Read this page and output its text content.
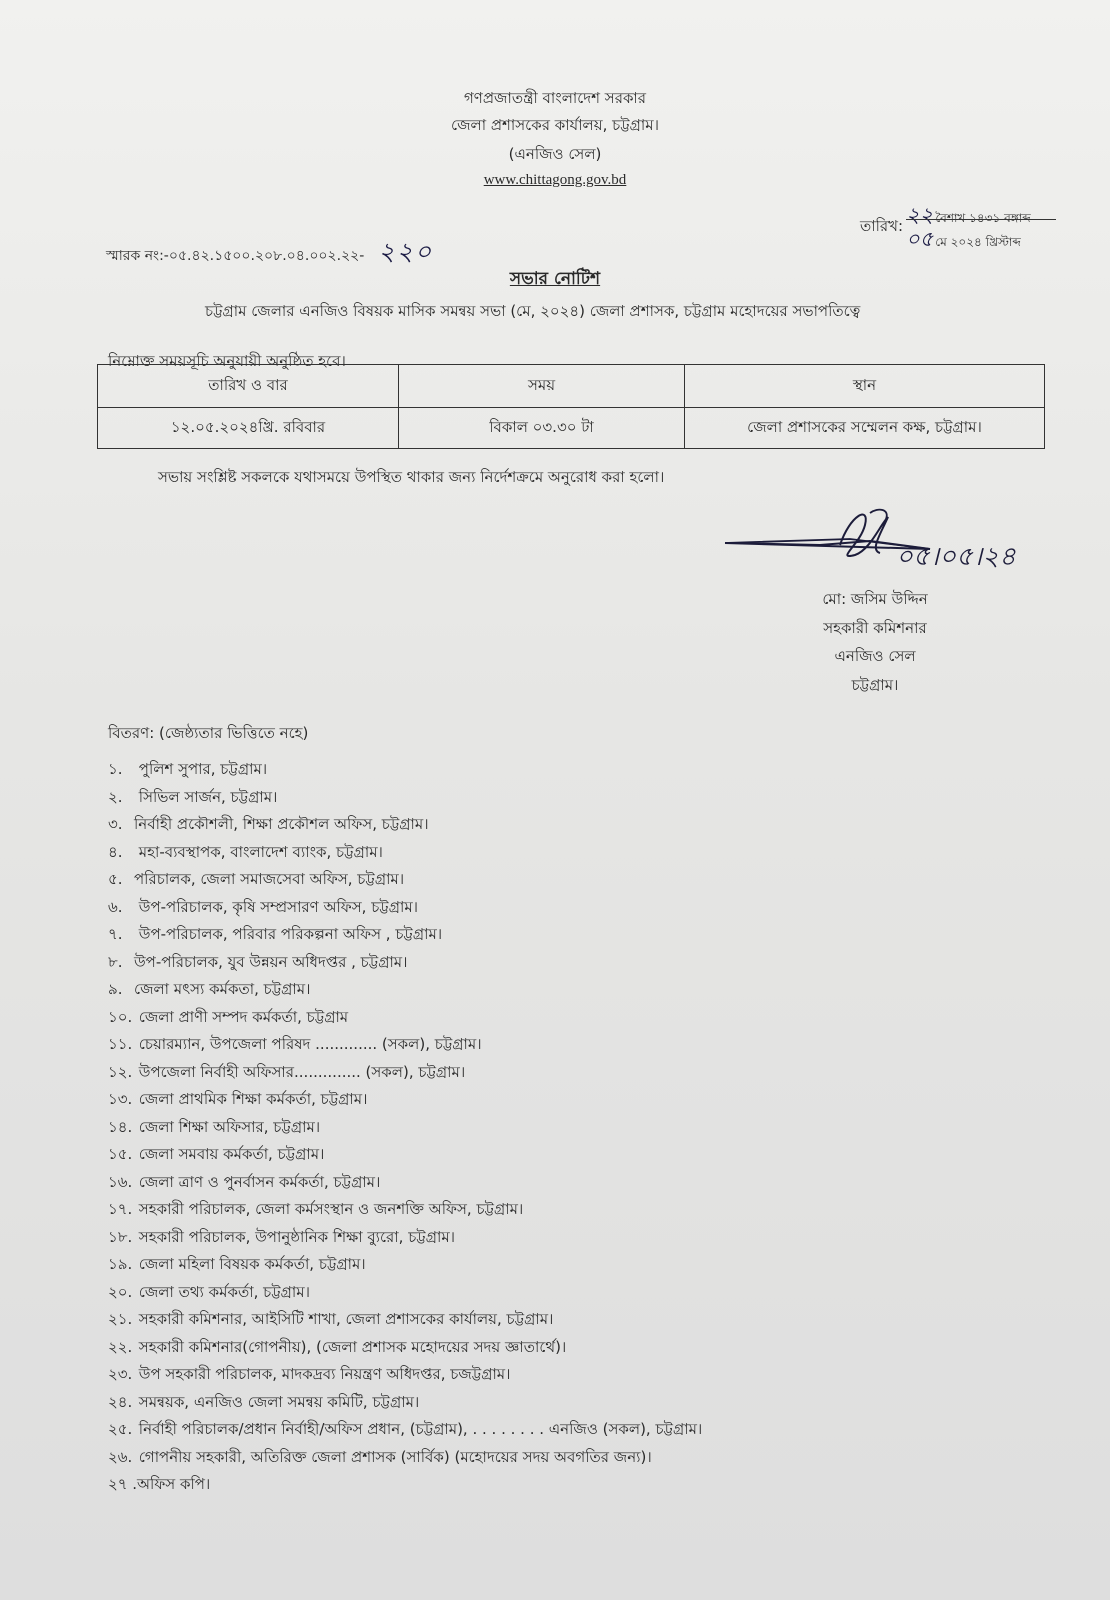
গণপ্রজাতন্ত্রী বাংলাদেশ সরকার
জেলা প্রশাসকের কার্যালয়, চট্টগ্রাম।
(এনজিও সেল)
www.chittagong.gov.bd
স্মারক নং:-০৫.৪২.১৫০০.২০৮.০৪.০০২.২২- ২২০
তারিখ: ২২ বৈশাখ ১৪৩১ বঙ্গাব্দ
০৫ মে ২০২৪ খ্রিস্টাব্দ
সভার নোটিশ
চট্টগ্রাম জেলার এনজিও বিষয়ক মাসিক সমন্বয় সভা (মে, ২০২৪) জেলা প্রশাসক, চট্টগ্রাম মহোদয়ের সভাপতিত্বে
নিম্নোক্ত সময়সূচি অনুযায়ী অনুষ্ঠিত হবে।
তারিখ ও বার	সময়	স্থান
১২.০৫.২০২৪খ্রি. রবিবার	বিকাল ০৩.৩০ টা	জেলা প্রশাসকের সম্মেলন কক্ষ, চট্টগ্রাম।
সভায় সংশ্লিষ্ট সকলকে যথাসময়ে উপস্থিত থাকার জন্য নির্দেশক্রমে অনুরোধ করা হলো।
০৫।০৫।২৪
মো: জসিম উদ্দিন
সহকারী কমিশনার
এনজিও সেল
চট্টগ্রাম।
বিতরণ: (জেষ্ঠ্যতার ভিত্তিতে নহে)
১. পুলিশ সুপার, চট্টগ্রাম।
২. সিভিল সার্জন, চট্টগ্রাম।
৩. নির্বাহী প্রকৌশলী, শিক্ষা প্রকৌশল অফিস, চট্টগ্রাম।
৪. মহা-ব্যবস্থাপক, বাংলাদেশ ব্যাংক, চট্টগ্রাম।
৫. পরিচালক, জেলা সমাজসেবা অফিস, চট্টগ্রাম।
৬. উপ-পরিচালক, কৃষি সম্প্রসারণ অফিস, চট্টগ্রাম।
৭. উপ-পরিচালক, পরিবার পরিকল্পনা অফিস , চট্টগ্রাম।
৮. উপ-পরিচালক, যুব উন্নয়ন অধিদপ্তর , চট্টগ্রাম।
৯. জেলা মৎস্য কর্মকতা, চট্টগ্রাম।
১০. জেলা প্রাণী সম্পদ কর্মকর্তা, চট্টগ্রাম
১১. চেয়ারম্যান, উপজেলা পরিষদ ............. (সকল), চট্টগ্রাম।
১২. উপজেলা নির্বাহী অফিসার.............. (সকল), চট্টগ্রাম।
১৩. জেলা প্রাথমিক শিক্ষা কর্মকর্তা, চট্টগ্রাম।
১৪. জেলা শিক্ষা অফিসার, চট্টগ্রাম।
১৫. জেলা সমবায় কর্মকর্তা, চট্টগ্রাম।
১৬. জেলা ত্রাণ ও পুনর্বাসন কর্মকর্তা, চট্টগ্রাম।
১৭. সহকারী পরিচালক, জেলা কর্মসংস্থান ও জনশক্তি অফিস, চট্টগ্রাম।
১৮. সহকারী পরিচালক, উপানুষ্ঠানিক শিক্ষা ব্যুরো, চট্টগ্রাম।
১৯. জেলা মহিলা বিষয়ক কর্মকর্তা, চট্টগ্রাম।
২০. জেলা তথ্য কর্মকর্তা, চট্টগ্রাম।
২১. সহকারী কমিশনার, আইসিটি শাখা, জেলা প্রশাসকের কার্যালয়, চট্টগ্রাম।
২২. সহকারী কমিশনার(গোপনীয়), (জেলা প্রশাসক মহোদয়ের সদয় জ্ঞাতার্থে)।
২৩. উপ সহকারী পরিচালক, মাদকদ্রব্য নিয়ন্ত্রণ অধিদপ্তর, চজট্টগ্রাম।
২৪. সমন্বয়ক, এনজিও জেলা সমন্বয় কমিটি, চট্টগ্রাম।
২৫. নির্বাহী পরিচালক/প্রধান নির্বাহী/অফিস প্রধান, (চট্টগ্রাম), . . . . . . . . এনজিও (সকল), চট্টগ্রাম।
২৬. গোপনীয় সহকারী, অতিরিক্ত জেলা প্রশাসক (সার্বিক) (মহোদয়ের সদয় অবগতির জন্য)।
২৭ .অফিস কপি।
